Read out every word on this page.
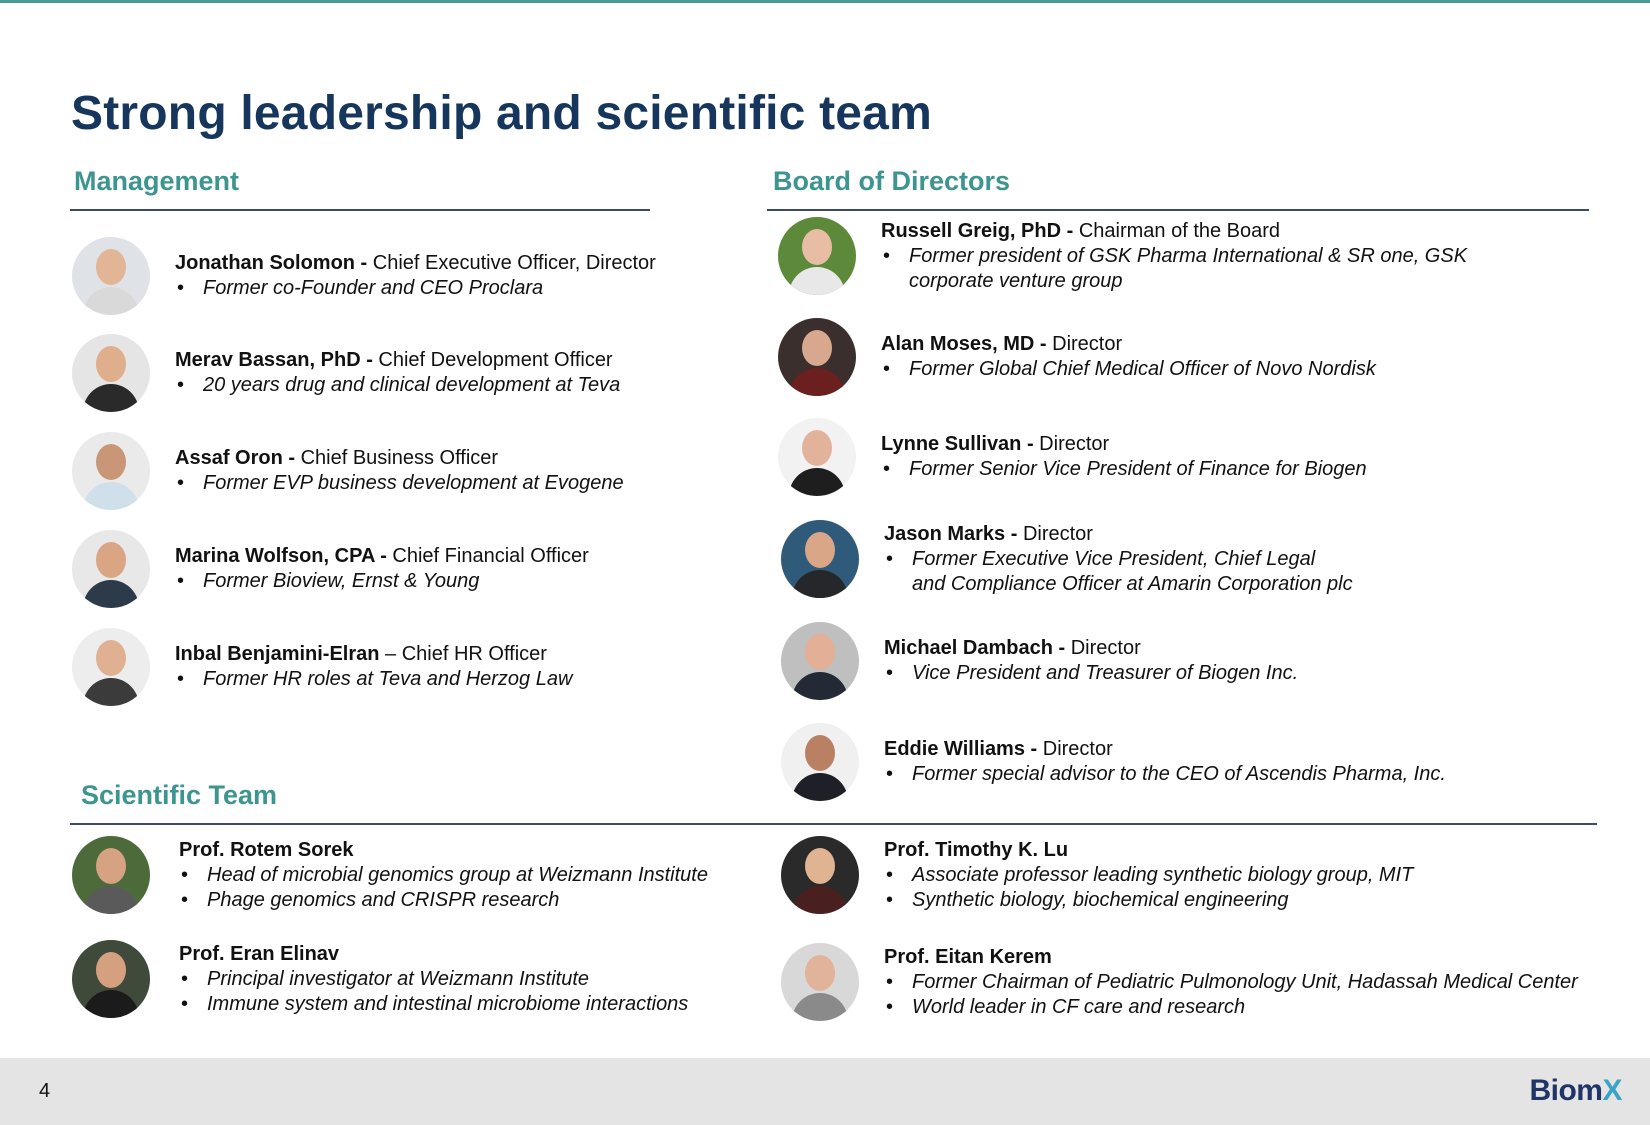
Strong leadership and scientific team
Management	Board of Directors
Scientific Team
Jonathan Solomon - Chief Executive Officer, Director
• Former co-Founder and CEO Proclara
Merav Bassan, PhD - Chief Development Officer
• 20 years drug and clinical development at Teva
Assaf Oron - Chief Business Officer
• Former EVP business development at Evogene
Marina Wolfson, CPA - Chief Financial Officer
• Former Bioview, Ernst & Young
Inbal Benjamini-Elran – Chief HR Officer
• Former HR roles at Teva and Herzog Law
Russell Greig, PhD - Chairman of the Board
• Former president of GSK Pharma International & SR one, GSK corporate venture group
Alan Moses, MD - Director
• Former Global Chief Medical Officer of Novo Nordisk
Lynne Sullivan - Director
• Former Senior Vice President of Finance for Biogen
Jason Marks - Director
• Former Executive Vice President, Chief Legal and Compliance Officer at Amarin Corporation plc
Michael Dambach - Director
• Vice President and Treasurer of Biogen Inc.
Eddie Williams - Director
• Former special advisor to the CEO of Ascendis Pharma, Inc.
Prof. Rotem Sorek
• Head of microbial genomics group at Weizmann Institute
• Phage genomics and CRISPR research
Prof. Eran Elinav
• Principal investigator at Weizmann Institute
• Immune system and intestinal microbiome interactions
Prof. Timothy K. Lu
• Associate professor leading synthetic biology group, MIT
• Synthetic biology, biochemical engineering
Prof. Eitan Kerem
• Former Chairman of Pediatric Pulmonology Unit, Hadassah Medical Center
• World leader in CF care and research
4	BiomX
